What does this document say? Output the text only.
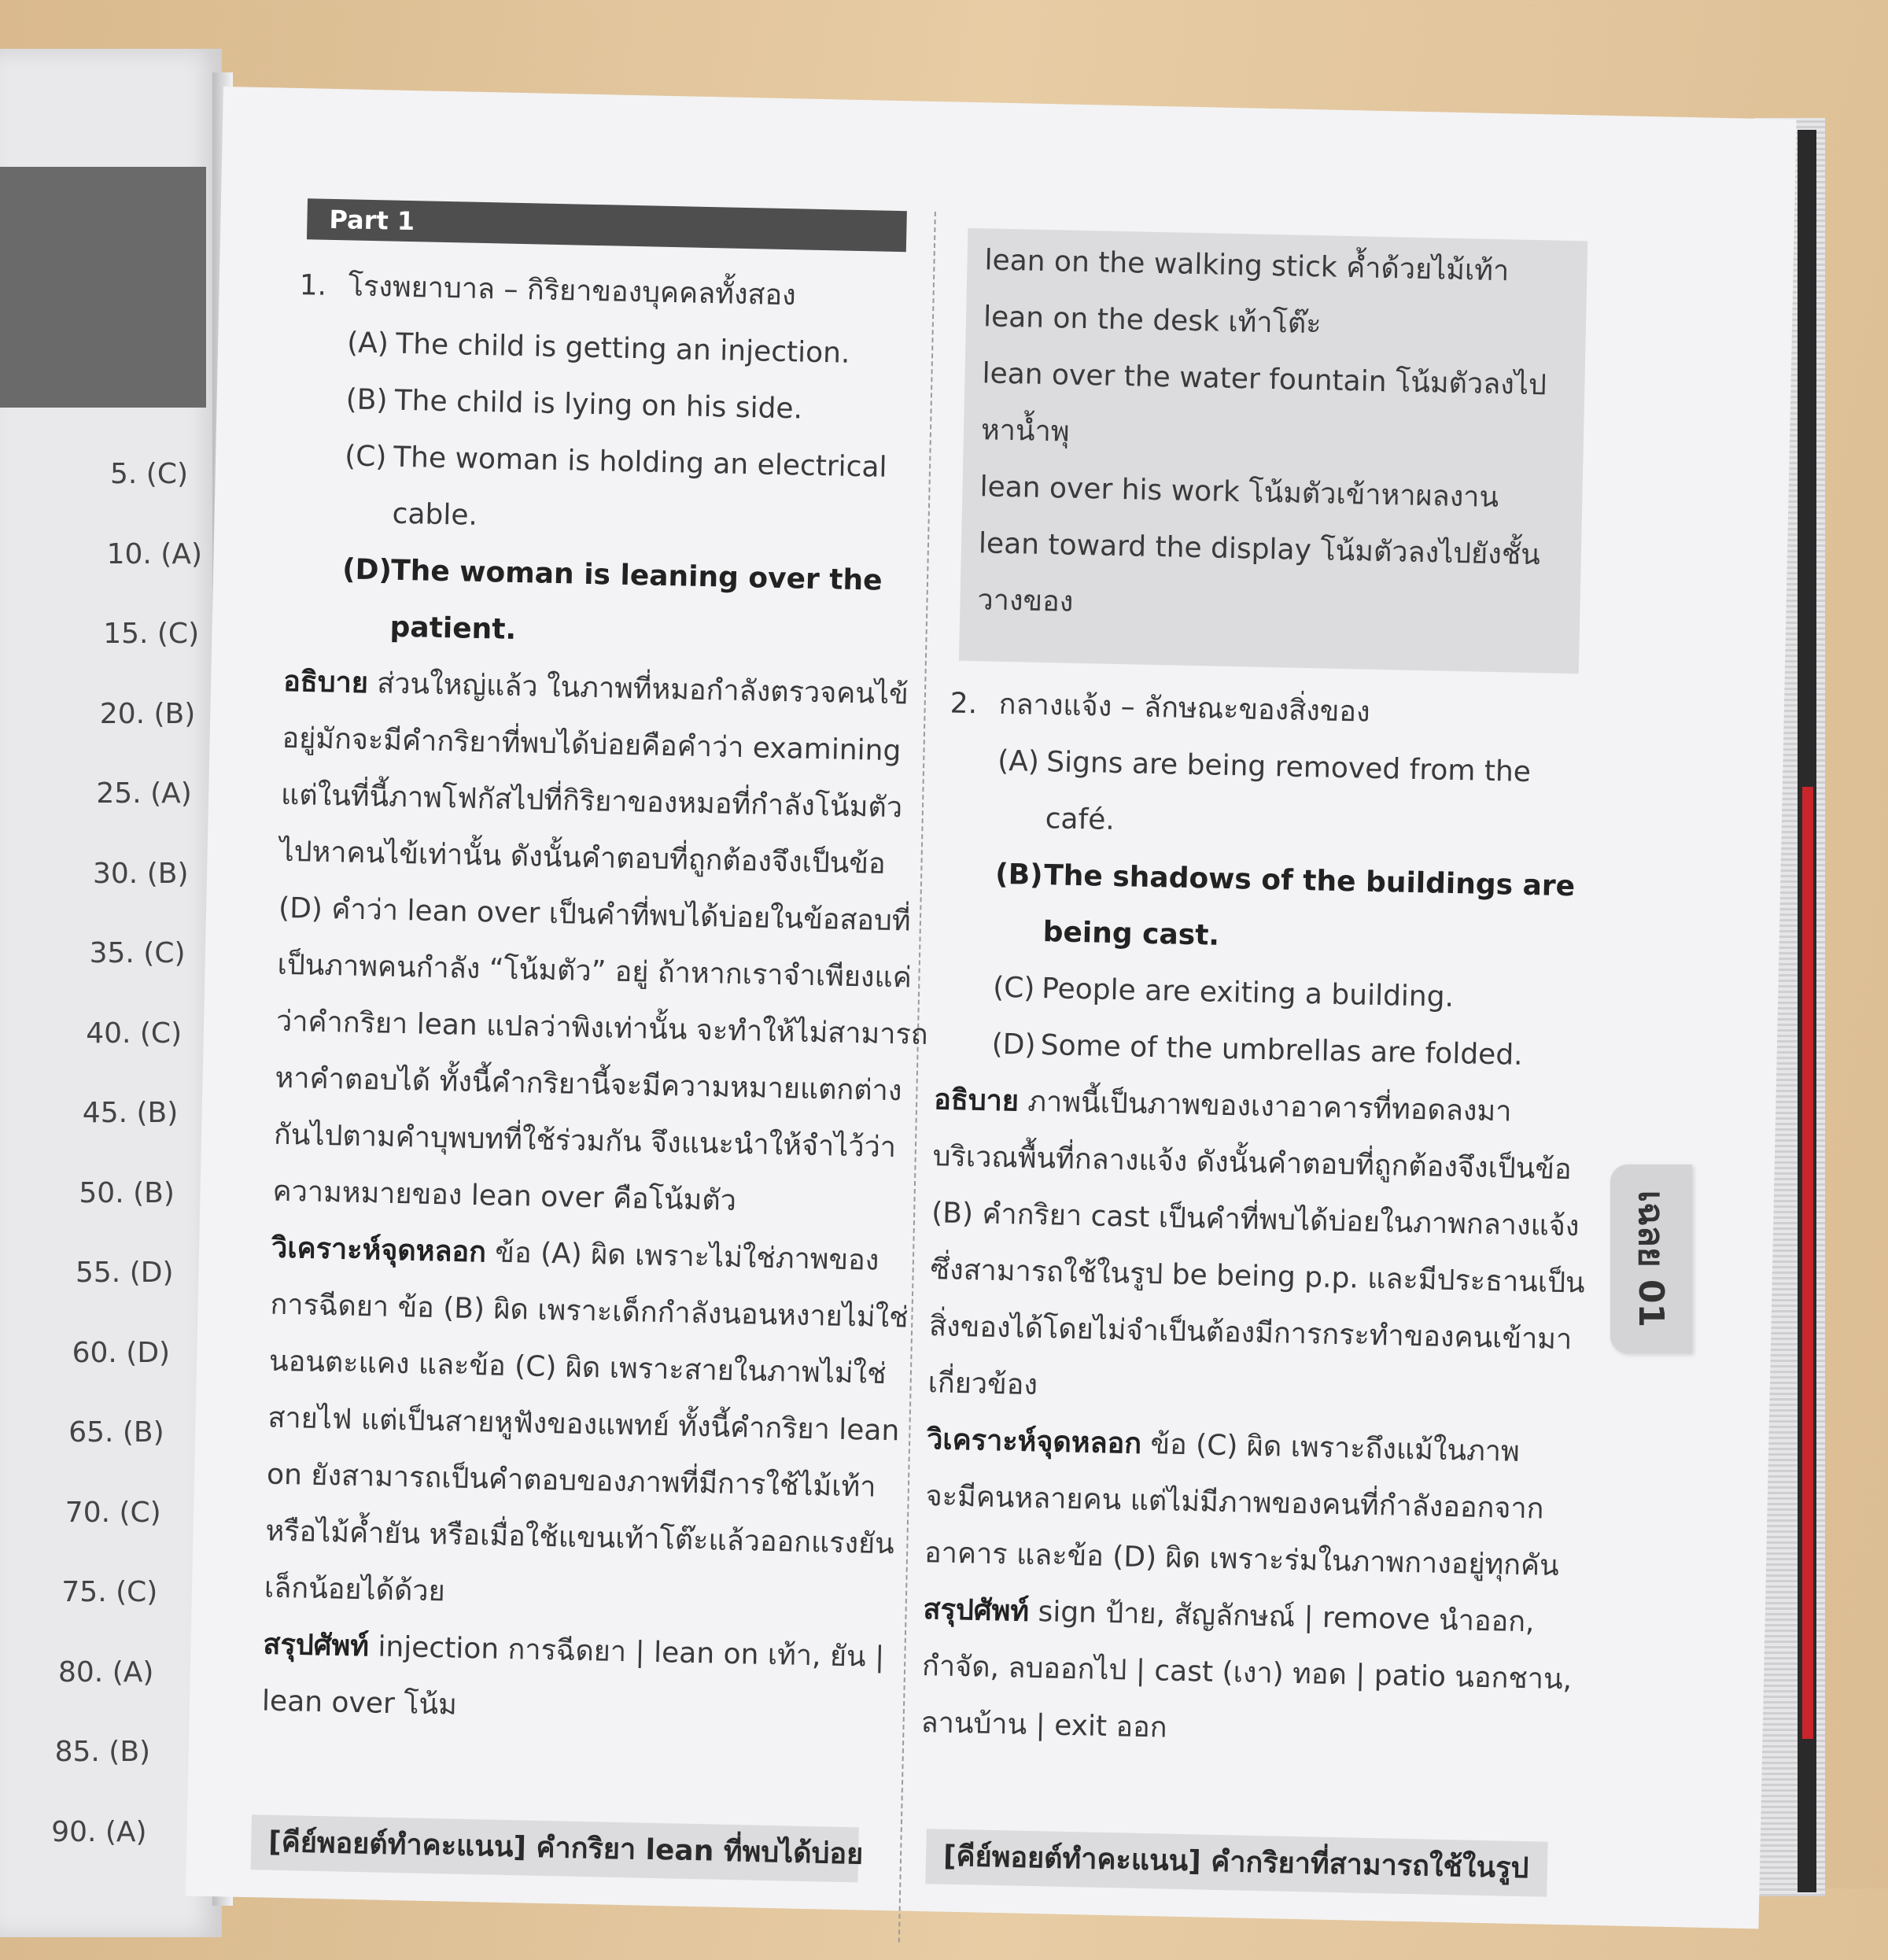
5. (C)
10. (A)
15. (C)
20. (B)
25. (A)
30. (B)
35. (C)
40. (C)
45. (B)
50. (B)
55. (D)
60. (D)
65. (B)
70. (C)
75. (C)
80. (A)
85. (B)
90. (A)
Part 1
1. โรงพยาบาล – กิริยาของบุคคลทั้งสอง
(A) The child is getting an injection.
(B) The child is lying on his side.
(C) The woman is holding an electrical
cable.
(D)
The woman is leaning over the
patient.
อธิบาย ส่วนใหญ่แล้ว ในภาพที่หมอกำลังตรวจคนไข้
อยู่มักจะมีคำกริยาที่พบได้บ่อยคือคำว่า examining
แต่ในที่นี้ภาพโฟกัสไปที่กิริยาของหมอที่กำลังโน้มตัว
ไปหาคนไข้เท่านั้น ดังนั้นคำตอบที่ถูกต้องจึงเป็นข้อ
(D) คำว่า lean over เป็นคำที่พบได้บ่อยในข้อสอบที่
เป็นภาพคนกำลัง “โน้มตัว” อยู่ ถ้าหากเราจำเพียงแค่
ว่าคำกริยา lean แปลว่าพิงเท่านั้น จะทำให้ไม่สามารถ
หาคำตอบได้ ทั้งนี้คำกริยานี้จะมีความหมายแตกต่าง
กันไปตามคำบุพบทที่ใช้ร่วมกัน จึงแนะนำให้จำไว้ว่า
ความหมายของ lean over คือโน้มตัว
วิเคราะห์จุดหลอก ข้อ (A) ผิด เพราะไม่ใช่ภาพของ
การฉีดยา ข้อ (B) ผิด เพราะเด็กกำลังนอนหงายไม่ใช่
นอนตะแคง และข้อ (C) ผิด เพราะสายในภาพไม่ใช่
สายไฟ แต่เป็นสายหูฟังของแพทย์ ทั้งนี้คำกริยา lean
on ยังสามารถเป็นคำตอบของภาพที่มีการใช้ไม้เท้า
หรือไม้ค้ำยัน หรือเมื่อใช้แขนเท้าโต๊ะแล้วออกแรงยัน
เล็กน้อยได้ด้วย
สรุปศัพท์ injection การฉีดยา | lean on เท้า, ยัน |
lean over โน้ม
lean on the walking stick ค้ำด้วยไม้เท้า
lean on the desk เท้าโต๊ะ
lean over the water fountain โน้มตัวลงไป
หาน้ำพุ
lean over his work โน้มตัวเข้าหาผลงาน
lean toward the display โน้มตัวลงไปยังชั้น
วางของ
2. กลางแจ้ง – ลักษณะของสิ่งของ
(A) Signs are being removed from the
café.
(B) The shadows of the buildings are
being cast.
(C) People are exiting a building.
(D) Some of the umbrellas are folded.
อธิบาย ภาพนี้เป็นภาพของเงาอาคารที่ทอดลงมา
บริเวณพื้นที่กลางแจ้ง ดังนั้นคำตอบที่ถูกต้องจึงเป็นข้อ
(B) คำกริยา cast เป็นคำที่พบได้บ่อยในภาพกลางแจ้ง
ซึ่งสามารถใช้ในรูป be being p.p. และมีประธานเป็น
สิ่งของได้โดยไม่จำเป็นต้องมีการกระทำของคนเข้ามา
เกี่ยวข้อง
วิเคราะห์จุดหลอก ข้อ (C) ผิด เพราะถึงแม้ในภาพ
จะมีคนหลายคน แต่ไม่มีภาพของคนที่กำลังออกจาก
อาคาร และข้อ (D) ผิด เพราะร่มในภาพกางอยู่ทุกคัน
สรุปศัพท์ sign ป้าย, สัญลักษณ์ | remove นำออก,
กำจัด, ลบออกไป | cast (เงา) ทอด | patio นอกชาน,
ลานบ้าน | exit ออก
[คีย์พอยต์ทำคะแนน] คำกริยา lean ที่พบได้บ่อย	[คีย์พอยต์ทำคะแนน] คำกริยาที่สามารถใช้ในรูป
เฉลย 01
